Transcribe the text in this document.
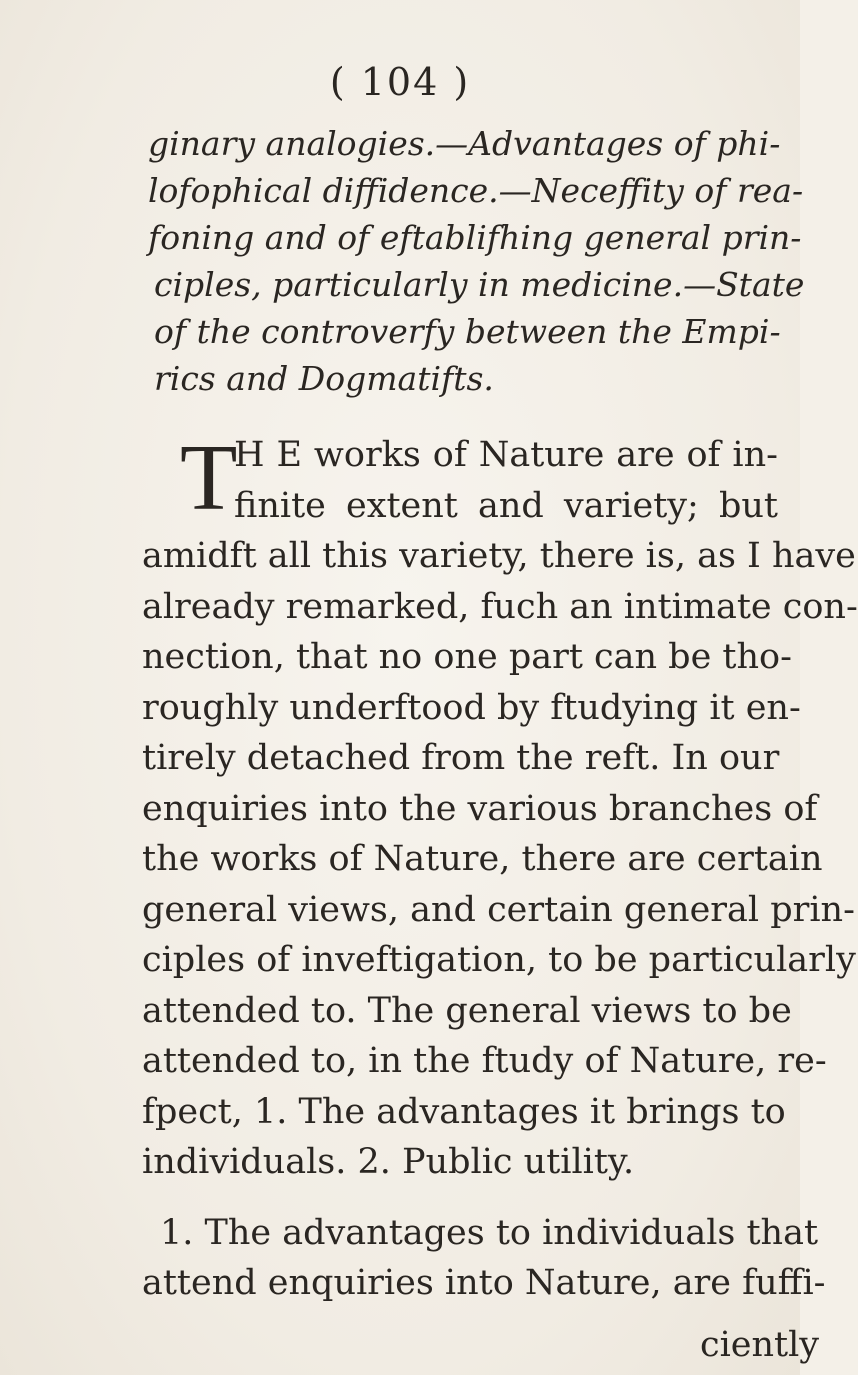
( 104 )
ginary analogies.—Advantages of phi‑
lofophical diffidence.—Neceffity of rea‑
foning and of eftablifhing general prin‑
ciples, particularly in medicine.—State
of the controverfy between the Empi‑
rics and Dogmatifts.
T
H E works of Nature are of in‑
finite extent and variety; but
amidft all this variety, there is, as I have
already remarked, fuch an intimate con‑
nection, that no one part can be tho‑
roughly underftood by ftudying it en‑
tirely detached from the reft. In our
enquiries into the various branches of
the works of Nature, there are certain
general views, and certain general prin‑
ciples of inveftigation, to be particularly
attended to. The general views to be
attended to, in the ftudy of Nature, re‑
fpect, 1. The advantages it brings to
individuals. 2. Public utility.
1. The advantages to individuals that
attend enquiries into Nature, are fuffi‑
ciently
